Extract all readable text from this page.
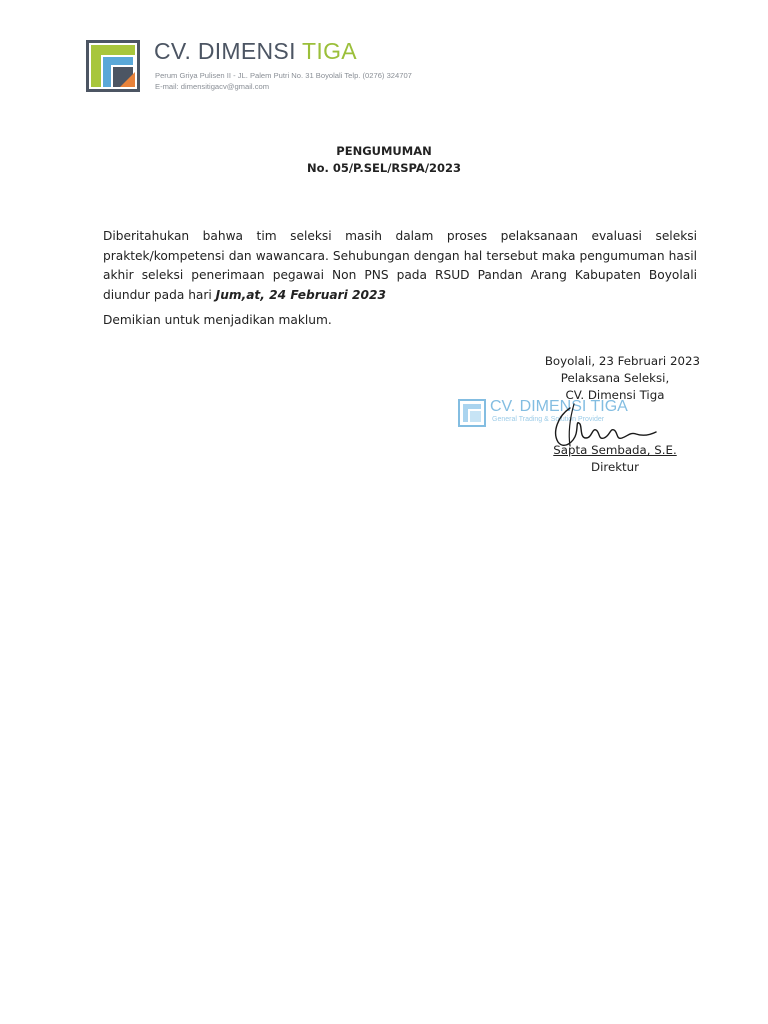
CV. DIMENSI TIGA
Perum Griya Pulisen II - JL. Palem Putri No. 31 Boyolali Telp. (0276) 324707
E-mail: dimensitigacv@gmail.com
PENGUMUMAN
No. 05/P.SEL/RSPA/2023
Diberitahukan bahwa tim seleksi masih dalam proses pelaksanaan evaluasi seleksi praktek/kompetensi dan wawancara. Sehubungan dengan hal tersebut maka pengumuman hasil akhir seleksi penerimaan pegawai Non PNS pada RSUD Pandan Arang Kabupaten Boyolali diundur pada hari Jum,at, 24 Februari 2023
Demikian untuk menjadikan maklum.
CV. DIMENSI TIGA
General Trading & Solution Provider
Boyolali, 23 Februari 2023
Pelaksana Seleksi,
CV. Dimensi Tiga
Sapta Sembada, S.E.
Direktur
